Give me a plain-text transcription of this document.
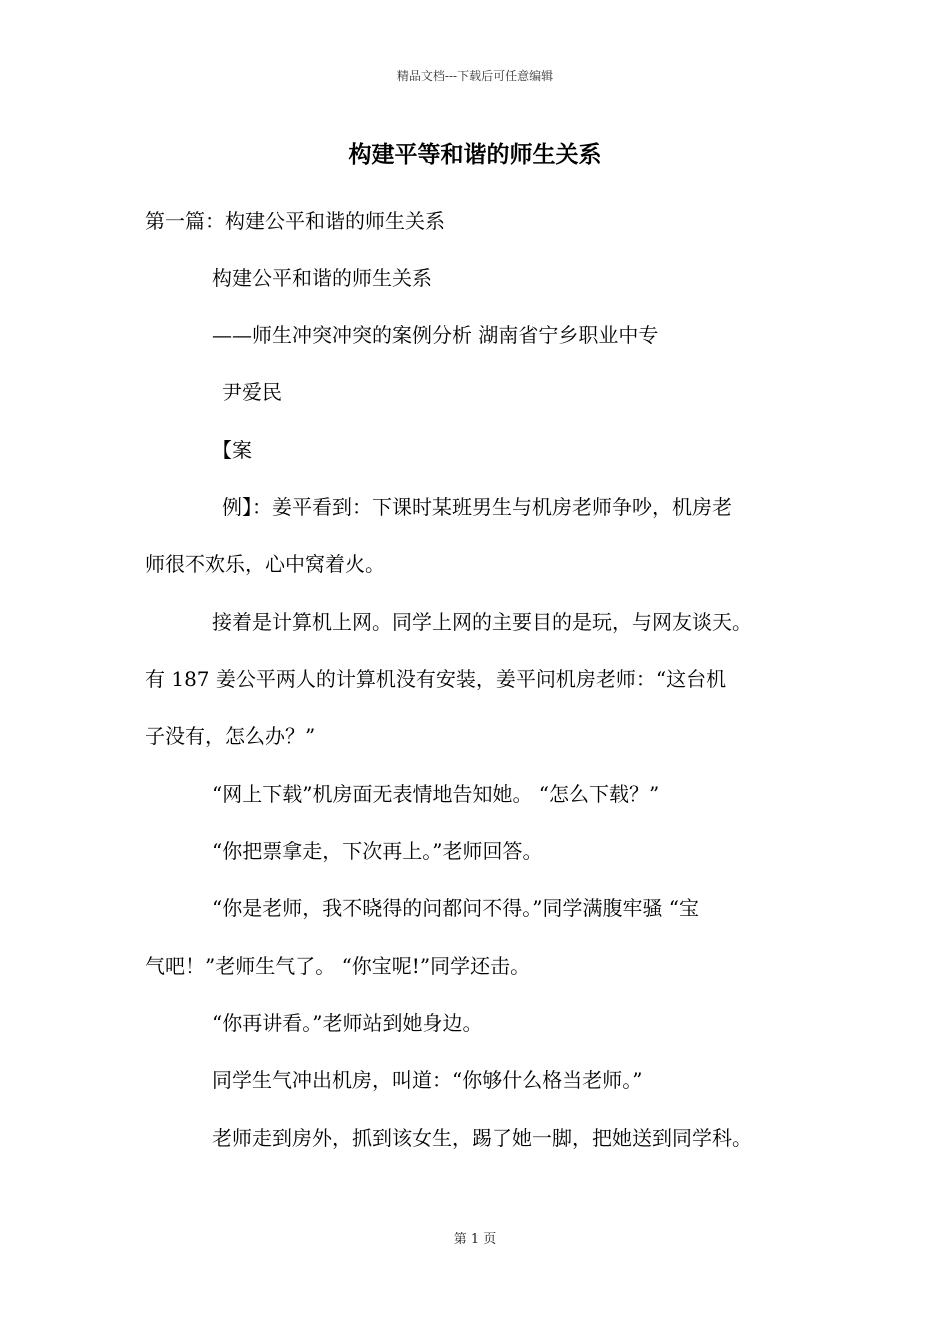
精品文档---下载后可任意编辑
构建平等和谐的师生关系
第一篇：构建公平和谐的师生关系
构建公平和谐的师生关系
——师生冲突冲突的案例分析 湖南省宁乡职业中专
尹爱民
【案
例】：姜平看到：下课时某班男生与机房老师争吵，机房老
师很不欢乐，心中窝着火。
接着是计算机上网。同学上网的主要目的是玩，与网友谈天。
有 187 姜公平两人的计算机没有安装，姜平问机房老师：“这台机
子没有，怎么办？”
“网上下载”机房面无表情地告知她。 “怎么下载？”
“你把票拿走，下次再上。”老师回答。
“你是老师，我不晓得的问都问不得。”同学满腹牢骚 “宝
气吧！”老师生气了。 “你宝呢!”同学还击。
“你再讲看。”老师站到她身边。
同学生气冲出机房，叫道：“你够什么格当老师。”
老师走到房外，抓到该女生，踢了她一脚，把她送到同学科。
第 1 页
